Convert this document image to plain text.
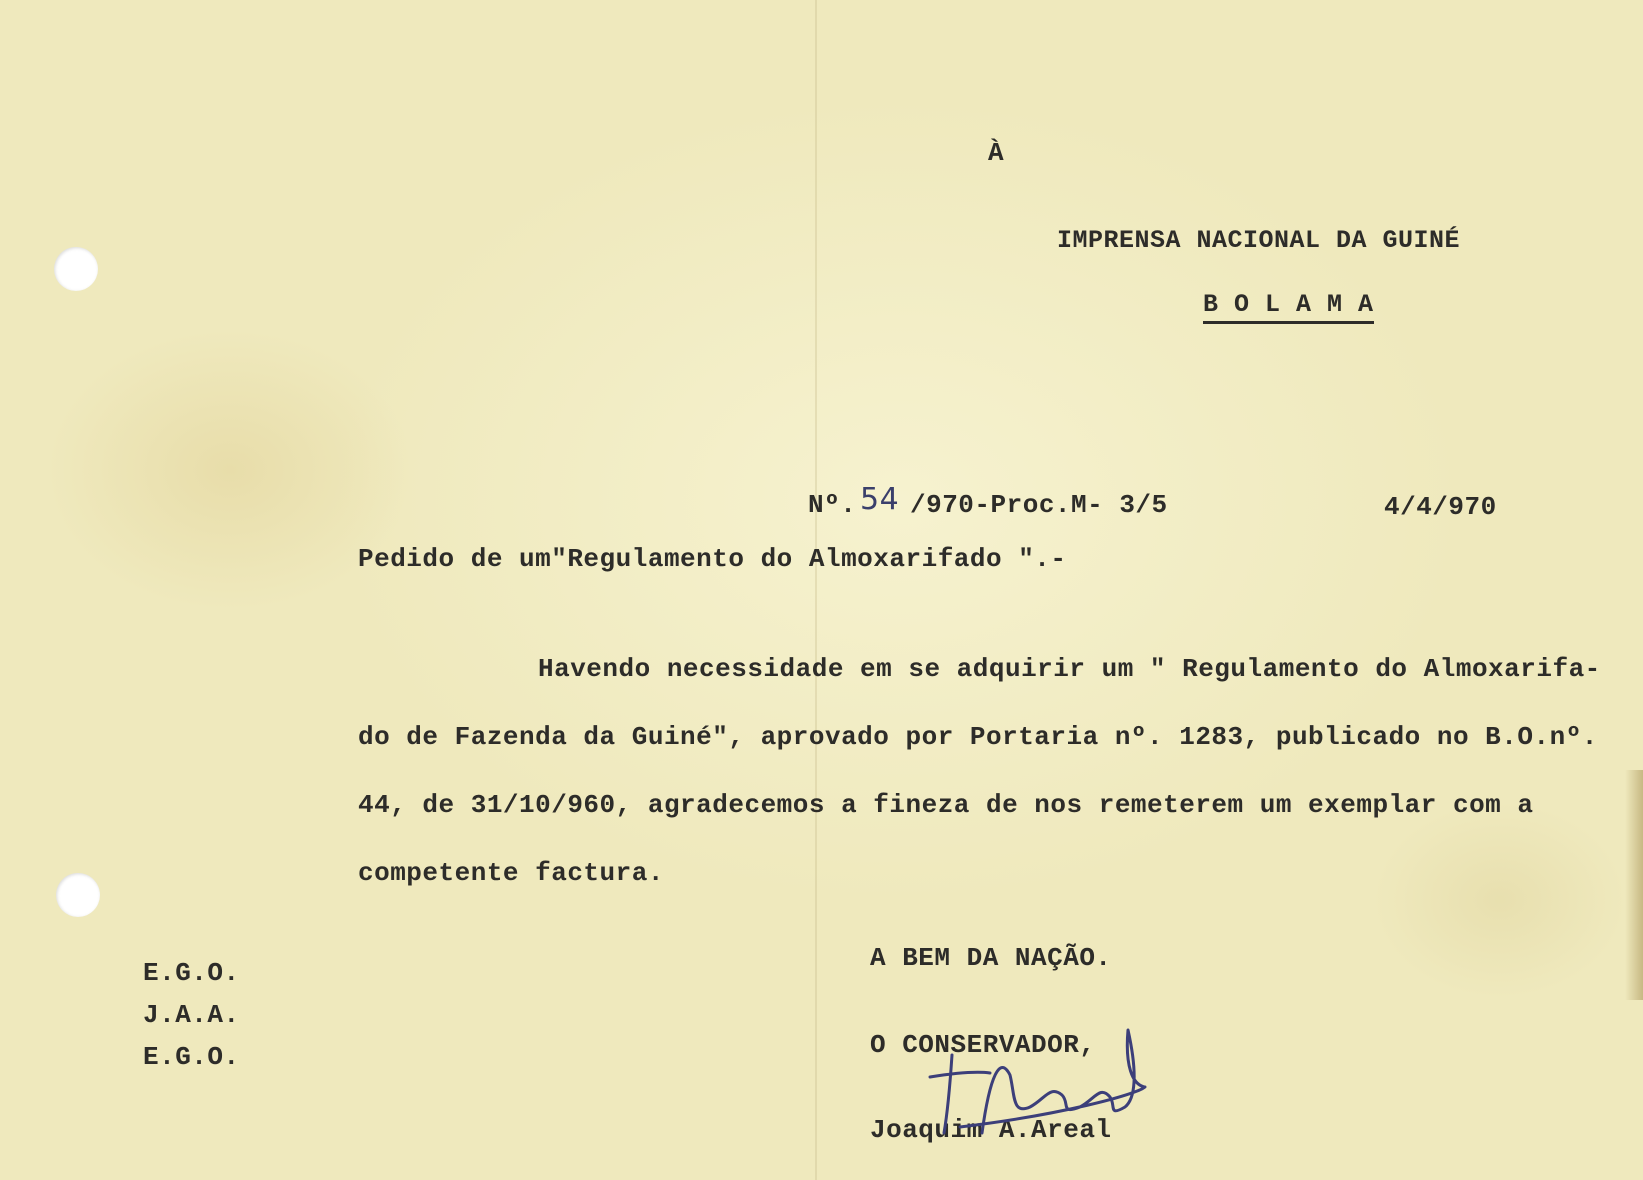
À
IMPRENSA NACIONAL DA GUINÉ
B O L A M A
Nº. 54 /970-Proc.M- 3/5	4/4/970
Pedido de um"Regulamento do Almoxarifado ".-
Havendo necessidade em se adquirir um " Regulamento do Almoxarifa-
do de Fazenda da Guiné", aprovado por Portaria nº. 1283, publicado no B.O.nº.
44, de 31/10/960, agradecemos a fineza de nos remeterem um exemplar com a
competente factura.
E.G.O.
J.A.A.
E.G.O.
A BEM DA NAÇÃO.
O CONSERVADOR,
Joaquim A.Areal
